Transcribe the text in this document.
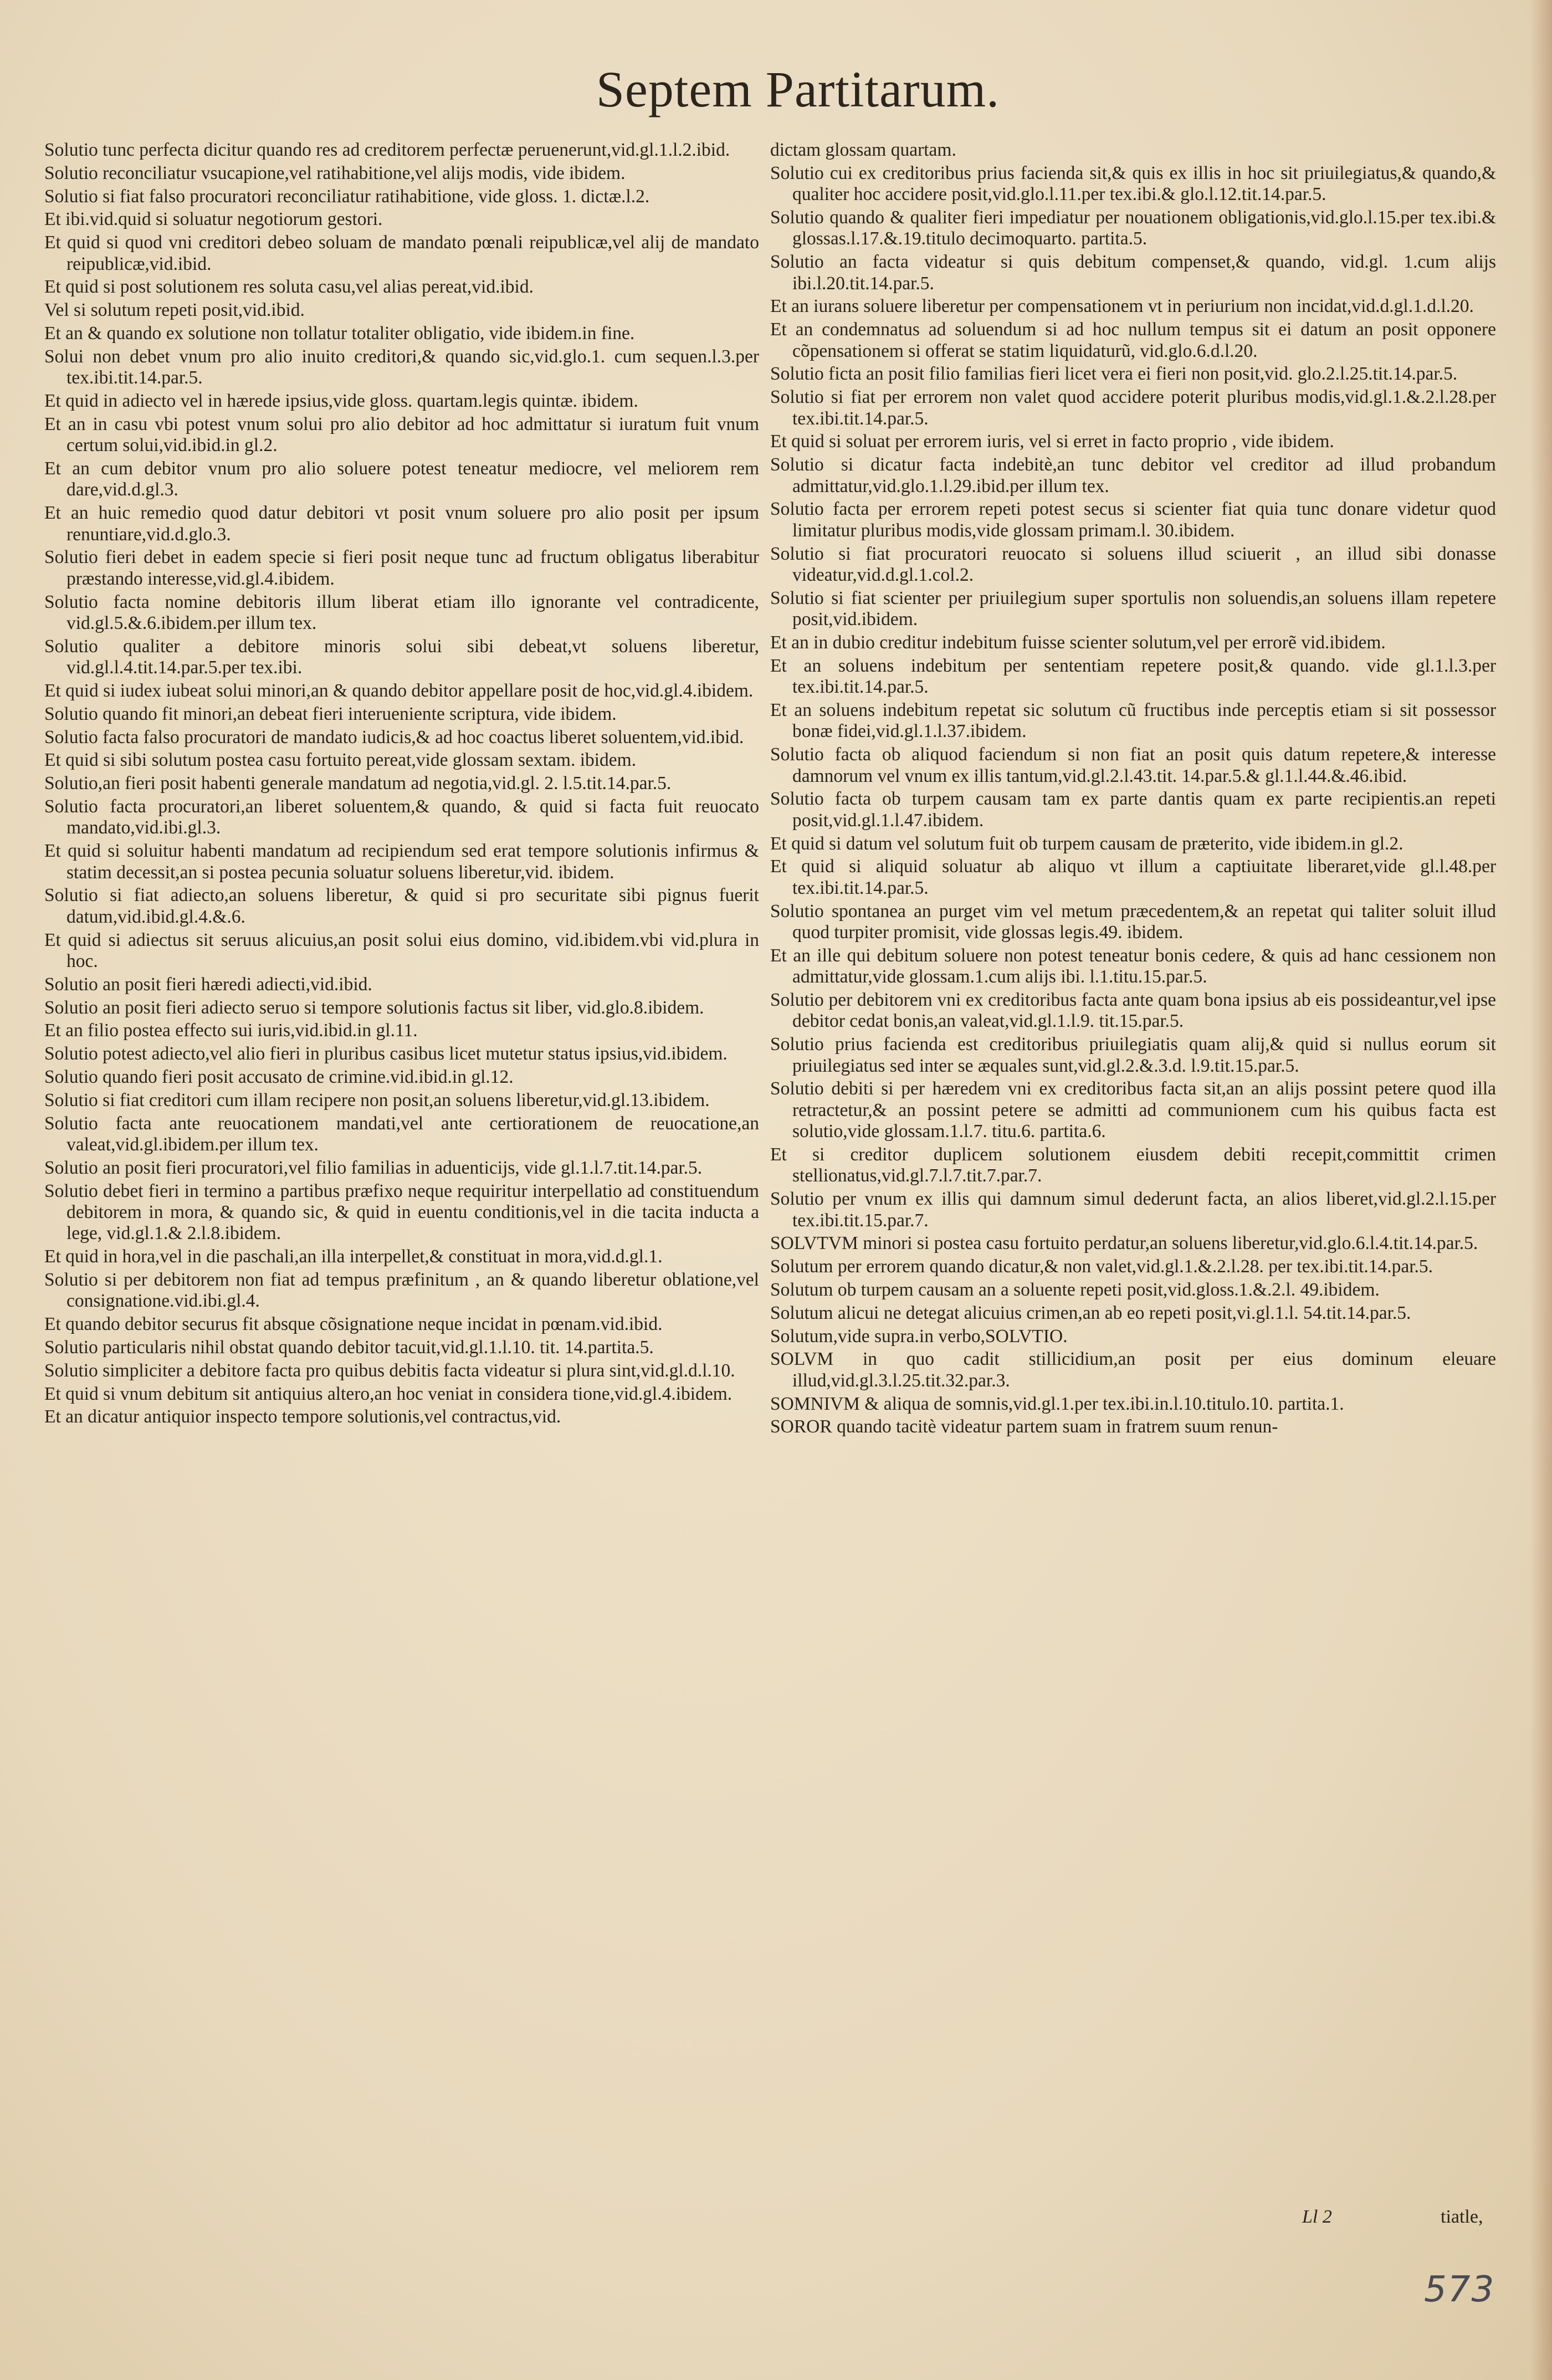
Septem Partitarum.
Solutio tunc perfecta dicitur quando res ad creditorem perfectæ peruenerunt,vid.gl.1.l.2.ibid.
Solutio reconciliatur vsucapione,vel ratihabitione,vel alijs modis, vide ibidem.
Solutio si fiat falso procuratori reconciliatur ratihabitione, vide gloss. 1. dictæ.l.2.
Et ibi.vid.quid si soluatur negotiorum gestori.
Et quid si quod vni creditori debeo soluam de mandato pœnali reipublicæ,vel alij de mandato reipublicæ,vid.ibid.
Et quid si post solutionem res soluta casu,vel alias pereat,vid.ibid.
Vel si solutum repeti posit,vid.ibid.
Et an & quando ex solutione non tollatur totaliter obligatio, vide ibidem.in fine.
Solui non debet vnum pro alio inuito creditori,& quando sic,vid.glo.1. cum sequen.l.3.per tex.ibi.tit.14.par.5.
Et quid in adiecto vel in hærede ipsius,vide gloss. quartam.legis quintæ. ibidem.
Et an in casu vbi potest vnum solui pro alio debitor ad hoc admittatur si iuratum fuit vnum certum solui,vid.ibid.in gl.2.
Et an cum debitor vnum pro alio soluere potest teneatur mediocre, vel meliorem rem dare,vid.d.gl.3.
Et an huic remedio quod datur debitori vt posit vnum soluere pro alio posit per ipsum renuntiare,vid.d.glo.3.
Solutio fieri debet in eadem specie si fieri posit neque tunc ad fructum obligatus liberabitur præstando interesse,vid.gl.4.ibidem.
Solutio facta nomine debitoris illum liberat etiam illo ignorante vel contradicente, vid.gl.5.&.6.ibidem.per illum tex.
Solutio qualiter a debitore minoris solui sibi debeat,vt soluens liberetur, vid.gl.l.4.tit.14.par.5.per tex.ibi.
Et quid si iudex iubeat solui minori,an & quando debitor appellare posit de hoc,vid.gl.4.ibidem.
Solutio quando fit minori,an debeat fieri interueniente scriptura, vide ibidem.
Solutio facta falso procuratori de mandato iudicis,& ad hoc coactus liberet soluentem,vid.ibid.
Et quid si sibi solutum postea casu fortuito pereat,vide glossam sextam. ibidem.
Solutio,an fieri posit habenti generale mandatum ad negotia,vid.gl. 2. l.5.tit.14.par.5.
Solutio facta procuratori,an liberet soluentem,& quando, & quid si facta fuit reuocato mandato,vid.ibi.gl.3.
Et quid si soluitur habenti mandatum ad recipiendum sed erat tempore solutionis infirmus & statim decessit,an si postea pecunia soluatur soluens liberetur,vid. ibidem.
Solutio si fiat adiecto,an soluens liberetur, & quid si pro securitate sibi pignus fuerit datum,vid.ibid.gl.4.&.6.
Et quid si adiectus sit seruus alicuius,an posit solui eius domino, vid.ibidem.vbi vid.plura in hoc.
Solutio an posit fieri hæredi adiecti,vid.ibid.
Solutio an posit fieri adiecto seruo si tempore solutionis factus sit liber, vid.glo.8.ibidem.
Et an filio postea effecto sui iuris,vid.ibid.in gl.11.
Solutio potest adiecto,vel alio fieri in pluribus casibus licet mutetur status ipsius,vid.ibidem.
Solutio quando fieri posit accusato de crimine.vid.ibid.in gl.12.
Solutio si fiat creditori cum illam recipere non posit,an soluens liberetur,vid.gl.13.ibidem.
Solutio facta ante reuocationem mandati,vel ante certiorationem de reuocatione,an valeat,vid.gl.ibidem.per illum tex.
Solutio an posit fieri procuratori,vel filio familias in aduenticijs, vide gl.1.l.7.tit.14.par.5.
Solutio debet fieri in termino a partibus præfixo neque requiritur interpellatio ad constituendum debitorem in mora, & quando sic, & quid in euentu conditionis,vel in die tacita inducta a lege, vid.gl.1.& 2.l.8.ibidem.
Et quid in hora,vel in die paschali,an illa interpellet,& constituat in mora,vid.d.gl.1.
Solutio si per debitorem non fiat ad tempus præfinitum , an & quando liberetur oblatione,vel consignatione.vid.ibi.gl.4.
Et quando debitor securus fit absque cõsignatione neque incidat in pœnam.vid.ibid.
Solutio particularis nihil obstat quando debitor tacuit,vid.gl.1.l.10. tit. 14.partita.5.
Solutio simpliciter a debitore facta pro quibus debitis facta videatur si plura sint,vid.gl.d.l.10.
Et quid si vnum debitum sit antiquius altero,an hoc veniat in considera tione,vid.gl.4.ibidem.
Et an dicatur antiquior inspecto tempore solutionis,vel contractus,vid.
dictam glossam quartam.
Solutio cui ex creditoribus prius facienda sit,& quis ex illis in hoc sit priuilegiatus,& quando,& qualiter hoc accidere posit,vid.glo.l.11.per tex.ibi.& glo.l.12.tit.14.par.5.
Solutio quando & qualiter fieri impediatur per nouationem obligationis,vid.glo.l.15.per tex.ibi.& glossas.l.17.&.19.titulo decimoquarto. partita.5.
Solutio an facta videatur si quis debitum compenset,& quando, vid.gl. 1.cum alijs ibi.l.20.tit.14.par.5.
Et an iurans soluere liberetur per compensationem vt in periurium non incidat,vid.d.gl.1.d.l.20.
Et an condemnatus ad soluendum si ad hoc nullum tempus sit ei datum an posit opponere cõpensationem si offerat se statim liquidaturũ, vid.glo.6.d.l.20.
Solutio ficta an posit filio familias fieri licet vera ei fieri non posit,vid. glo.2.l.25.tit.14.par.5.
Solutio si fiat per errorem non valet quod accidere poterit pluribus modis,vid.gl.1.&.2.l.28.per tex.ibi.tit.14.par.5.
Et quid si soluat per errorem iuris, vel si erret in facto proprio , vide ibidem.
Solutio si dicatur facta indebitè,an tunc debitor vel creditor ad illud probandum admittatur,vid.glo.1.l.29.ibid.per illum tex.
Solutio facta per errorem repeti potest secus si scienter fiat quia tunc donare videtur quod limitatur pluribus modis,vide glossam primam.l. 30.ibidem.
Solutio si fiat procuratori reuocato si soluens illud sciuerit , an illud sibi donasse videatur,vid.d.gl.1.col.2.
Solutio si fiat scienter per priuilegium super sportulis non soluendis,an soluens illam repetere posit,vid.ibidem.
Et an in dubio creditur indebitum fuisse scienter solutum,vel per errorẽ vid.ibidem.
Et an soluens indebitum per sententiam repetere posit,& quando. vide gl.1.l.3.per tex.ibi.tit.14.par.5.
Et an soluens indebitum repetat sic solutum cũ fructibus inde perceptis etiam si sit possessor bonæ fidei,vid.gl.1.l.37.ibidem.
Solutio facta ob aliquod faciendum si non fiat an posit quis datum repetere,& interesse damnorum vel vnum ex illis tantum,vid.gl.2.l.43.tit. 14.par.5.& gl.1.l.44.&.46.ibid.
Solutio facta ob turpem causam tam ex parte dantis quam ex parte recipientis.an repeti posit,vid.gl.1.l.47.ibidem.
Et quid si datum vel solutum fuit ob turpem causam de præterito, vide ibidem.in gl.2.
Et quid si aliquid soluatur ab aliquo vt illum a captiuitate liberaret,vide gl.l.48.per tex.ibi.tit.14.par.5.
Solutio spontanea an purget vim vel metum præcedentem,& an repetat qui taliter soluit illud quod turpiter promisit, vide glossas legis.49. ibidem.
Et an ille qui debitum soluere non potest teneatur bonis cedere, & quis ad hanc cessionem non admittatur,vide glossam.1.cum alijs ibi. l.1.titu.15.par.5.
Solutio per debitorem vni ex creditoribus facta ante quam bona ipsius ab eis possideantur,vel ipse debitor cedat bonis,an valeat,vid.gl.1.l.9. tit.15.par.5.
Solutio prius facienda est creditoribus priuilegiatis quam alij,& quid si nullus eorum sit priuilegiatus sed inter se æquales sunt,vid.gl.2.&.3.d. l.9.tit.15.par.5.
Solutio debiti si per hæredem vni ex creditoribus facta sit,an an alijs possint petere quod illa retractetur,& an possint petere se admitti ad communionem cum his quibus facta est solutio,vide glossam.1.l.7. titu.6. partita.6.
Et si creditor duplicem solutionem eiusdem debiti recepit,committit crimen stellionatus,vid.gl.7.l.7.tit.7.par.7.
Solutio per vnum ex illis qui damnum simul dederunt facta, an alios liberet,vid.gl.2.l.15.per tex.ibi.tit.15.par.7.
SOLVTVM minori si postea casu fortuito perdatur,an soluens liberetur,vid.glo.6.l.4.tit.14.par.5.
Solutum per errorem quando dicatur,& non valet,vid.gl.1.&.2.l.28. per tex.ibi.tit.14.par.5.
Solutum ob turpem causam an a soluente repeti posit,vid.gloss.1.&.2.l. 49.ibidem.
Solutum alicui ne detegat alicuius crimen,an ab eo repeti posit,vi.gl.1.l. 54.tit.14.par.5.
Solutum,vide supra.in verbo,SOLVTIO.
SOLVM in quo cadit stillicidium,an posit per eius dominum eleuare illud,vid.gl.3.l.25.tit.32.par.3.
SOMNIVM & aliqua de somnis,vid.gl.1.per tex.ibi.in.l.10.titulo.10. partita.1.
SOROR quando tacitè videatur partem suam in fratrem suum renun-
Ll 2	tiatle,
573
